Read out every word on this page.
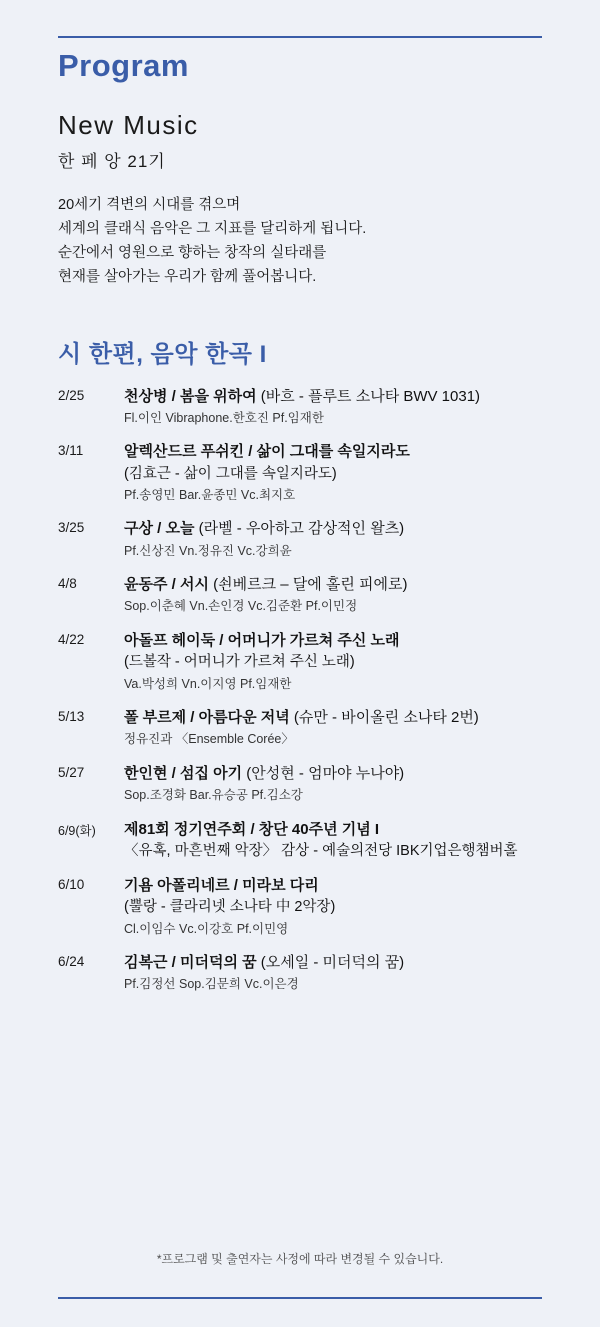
Program
New Music
한 페 앙 21기
20세기 격변의 시대를 겪으며
세계의 클래식 음악은 그 지표를 달리하게 됩니다.
순간에서 영원으로 향하는 창작의 실타래를
현재를 살아가는 우리가 함께 풀어봅니다.
시 한편, 음악 한곡 I
2/25	천상병 / 봄을 위하여 (바흐 - 플루트 소나타 BWV 1031)
Fl.이인 Vibraphone.한호진 Pf.임재한
3/11	알렉산드르 푸쉬킨 / 삶이 그대를 속일지라도
(김효근 - 삶이 그대를 속일지라도)
Pf.송영민 Bar.윤종민 Vc.최지호
3/25	구상 / 오늘 (라벨 - 우아하고 감상적인 왈츠)
Pf.신상진 Vn.정유진 Vc.강희윤
4/8	윤동주 / 서시 (쇤베르크 – 달에 홀린 피에로)
Sop.이춘혜 Vn.손인경 Vc.김준환 Pf.이민정
4/22	아돌프 헤이둑 / 어머니가 가르쳐 주신 노래
(드볼작 - 어머니가 가르쳐 주신 노래)
Va.박성희 Vn.이지영 Pf.임재한
5/13	폴 부르제 / 아름다운 저녁 (슈만 - 바이올린 소나타 2번)
정유진과 〈Ensemble Corée〉
5/27	한인현 / 섬집 아기 (안성현 - 엄마야 누나야)
Sop.조경화 Bar.유승공 Pf.김소강
6/9(화)	제81회 정기연주회 / 창단 40주년 기념 I
〈유혹, 마흔번째 악장〉 감상 - 예술의전당 IBK기업은행챔버홀
6/10	기욤 아폴리네르 / 미라보 다리
(뿔랑 - 클라리넷 소나타 中 2악장)
Cl.이임수 Vc.이강호 Pf.이민영
6/24	김복근 / 미더덕의 꿈 (오세일 - 미더덕의 꿈)
Pf.김정선 Sop.김문희 Vc.이은경
*프로그램 및 출연자는 사정에 따라 변경될 수 있습니다.
